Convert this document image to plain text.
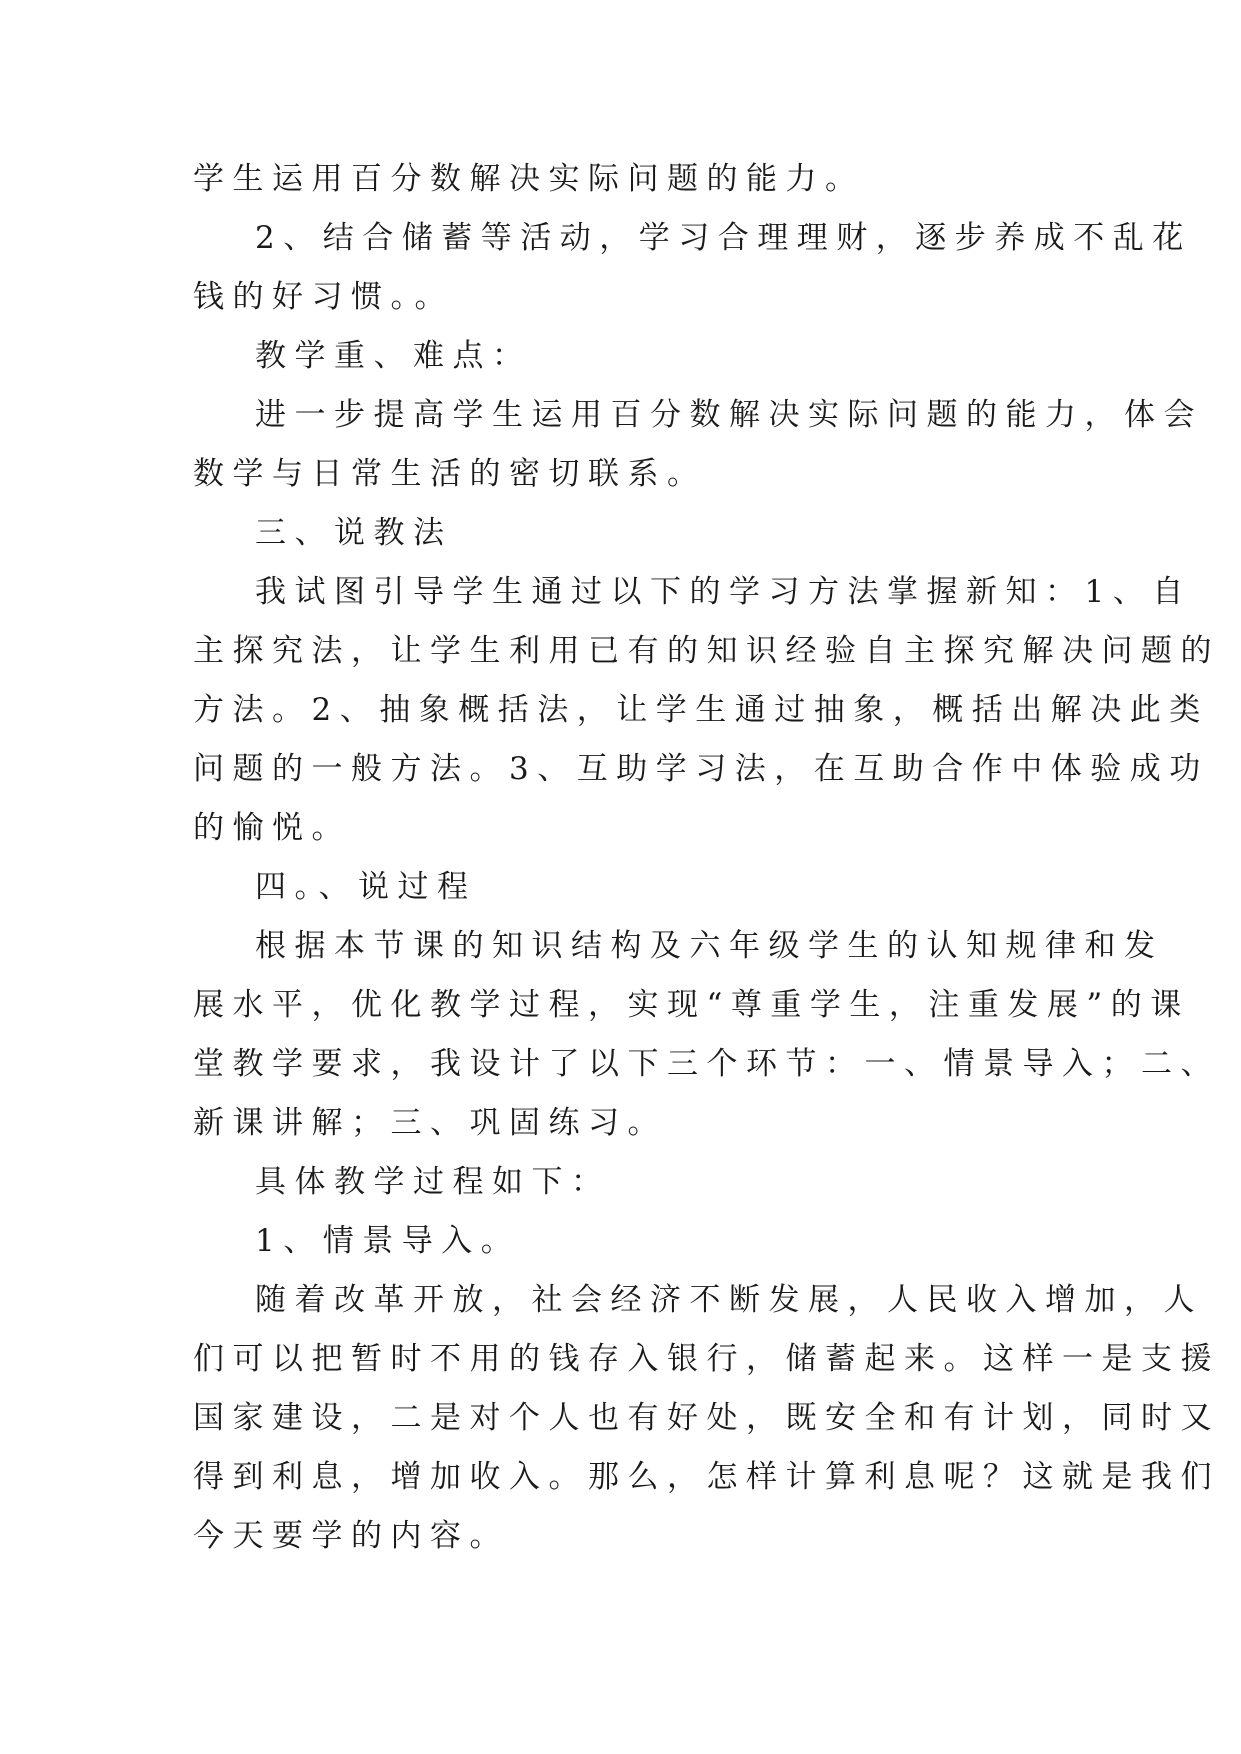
学生运用百分数解决实际问题的能力。
2、结合储蓄等活动，学习合理理财，逐步养成不乱花
钱的好习惯。。
教学重、难点：
进一步提高学生运用百分数解决实际问题的能力，体会
数学与日常生活的密切联系。
三、说教法
我试图引导学生通过以下的学习方法掌握新知：1、自
主探究法，让学生利用已有的知识经验自主探究解决问题的
方法。2、抽象概括法，让学生通过抽象，概括出解决此类
问题的一般方法。3、互助学习法，在互助合作中体验成功
的愉悦。
四。、说过程
根据本节课的知识结构及六年级学生的认知规律和发
展水平，优化教学过程，实现“尊重学生，注重发展”的课
堂教学要求，我设计了以下三个环节：一、情景导入；二、
新课讲解；三、巩固练习。
具体教学过程如下：
1、情景导入。
随着改革开放，社会经济不断发展，人民收入增加，人
们可以把暂时不用的钱存入银行，储蓄起来。这样一是支援
国家建设，二是对个人也有好处，既安全和有计划，同时又
得到利息，增加收入。那么，怎样计算利息呢？这就是我们
今天要学的内容。
